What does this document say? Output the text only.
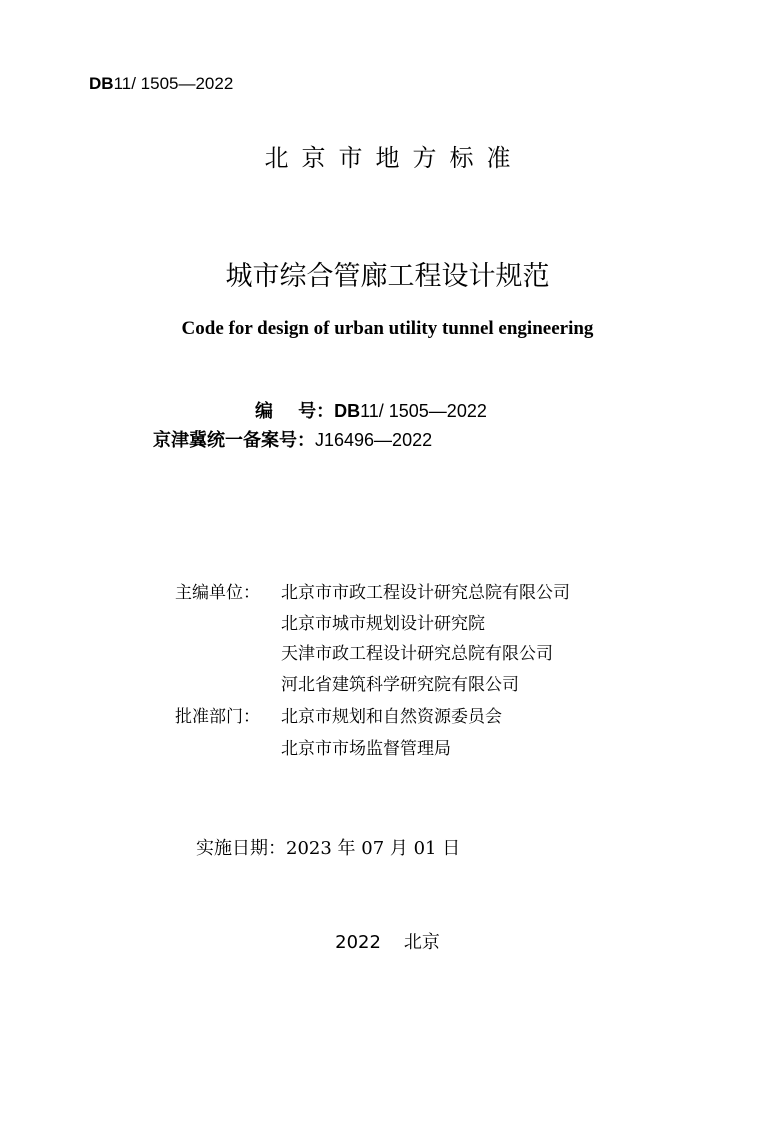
DB11/ 1505—2022
北京市地方标准
城市综合管廊工程设计规范
Code for design of urban utility tunnel engineering
编    号：DB11/ 1505—2022
京津冀统一备案号：J16496—2022
主编单位： 北京市市政工程设计研究总院有限公司
北京市城市规划设计研究院
天津市政工程设计研究总院有限公司
河北省建筑科学研究院有限公司
批准部门： 北京市规划和自然资源委员会
北京市市场监督管理局
实施日期：2023 年 07 月 01 日
2022    北京
